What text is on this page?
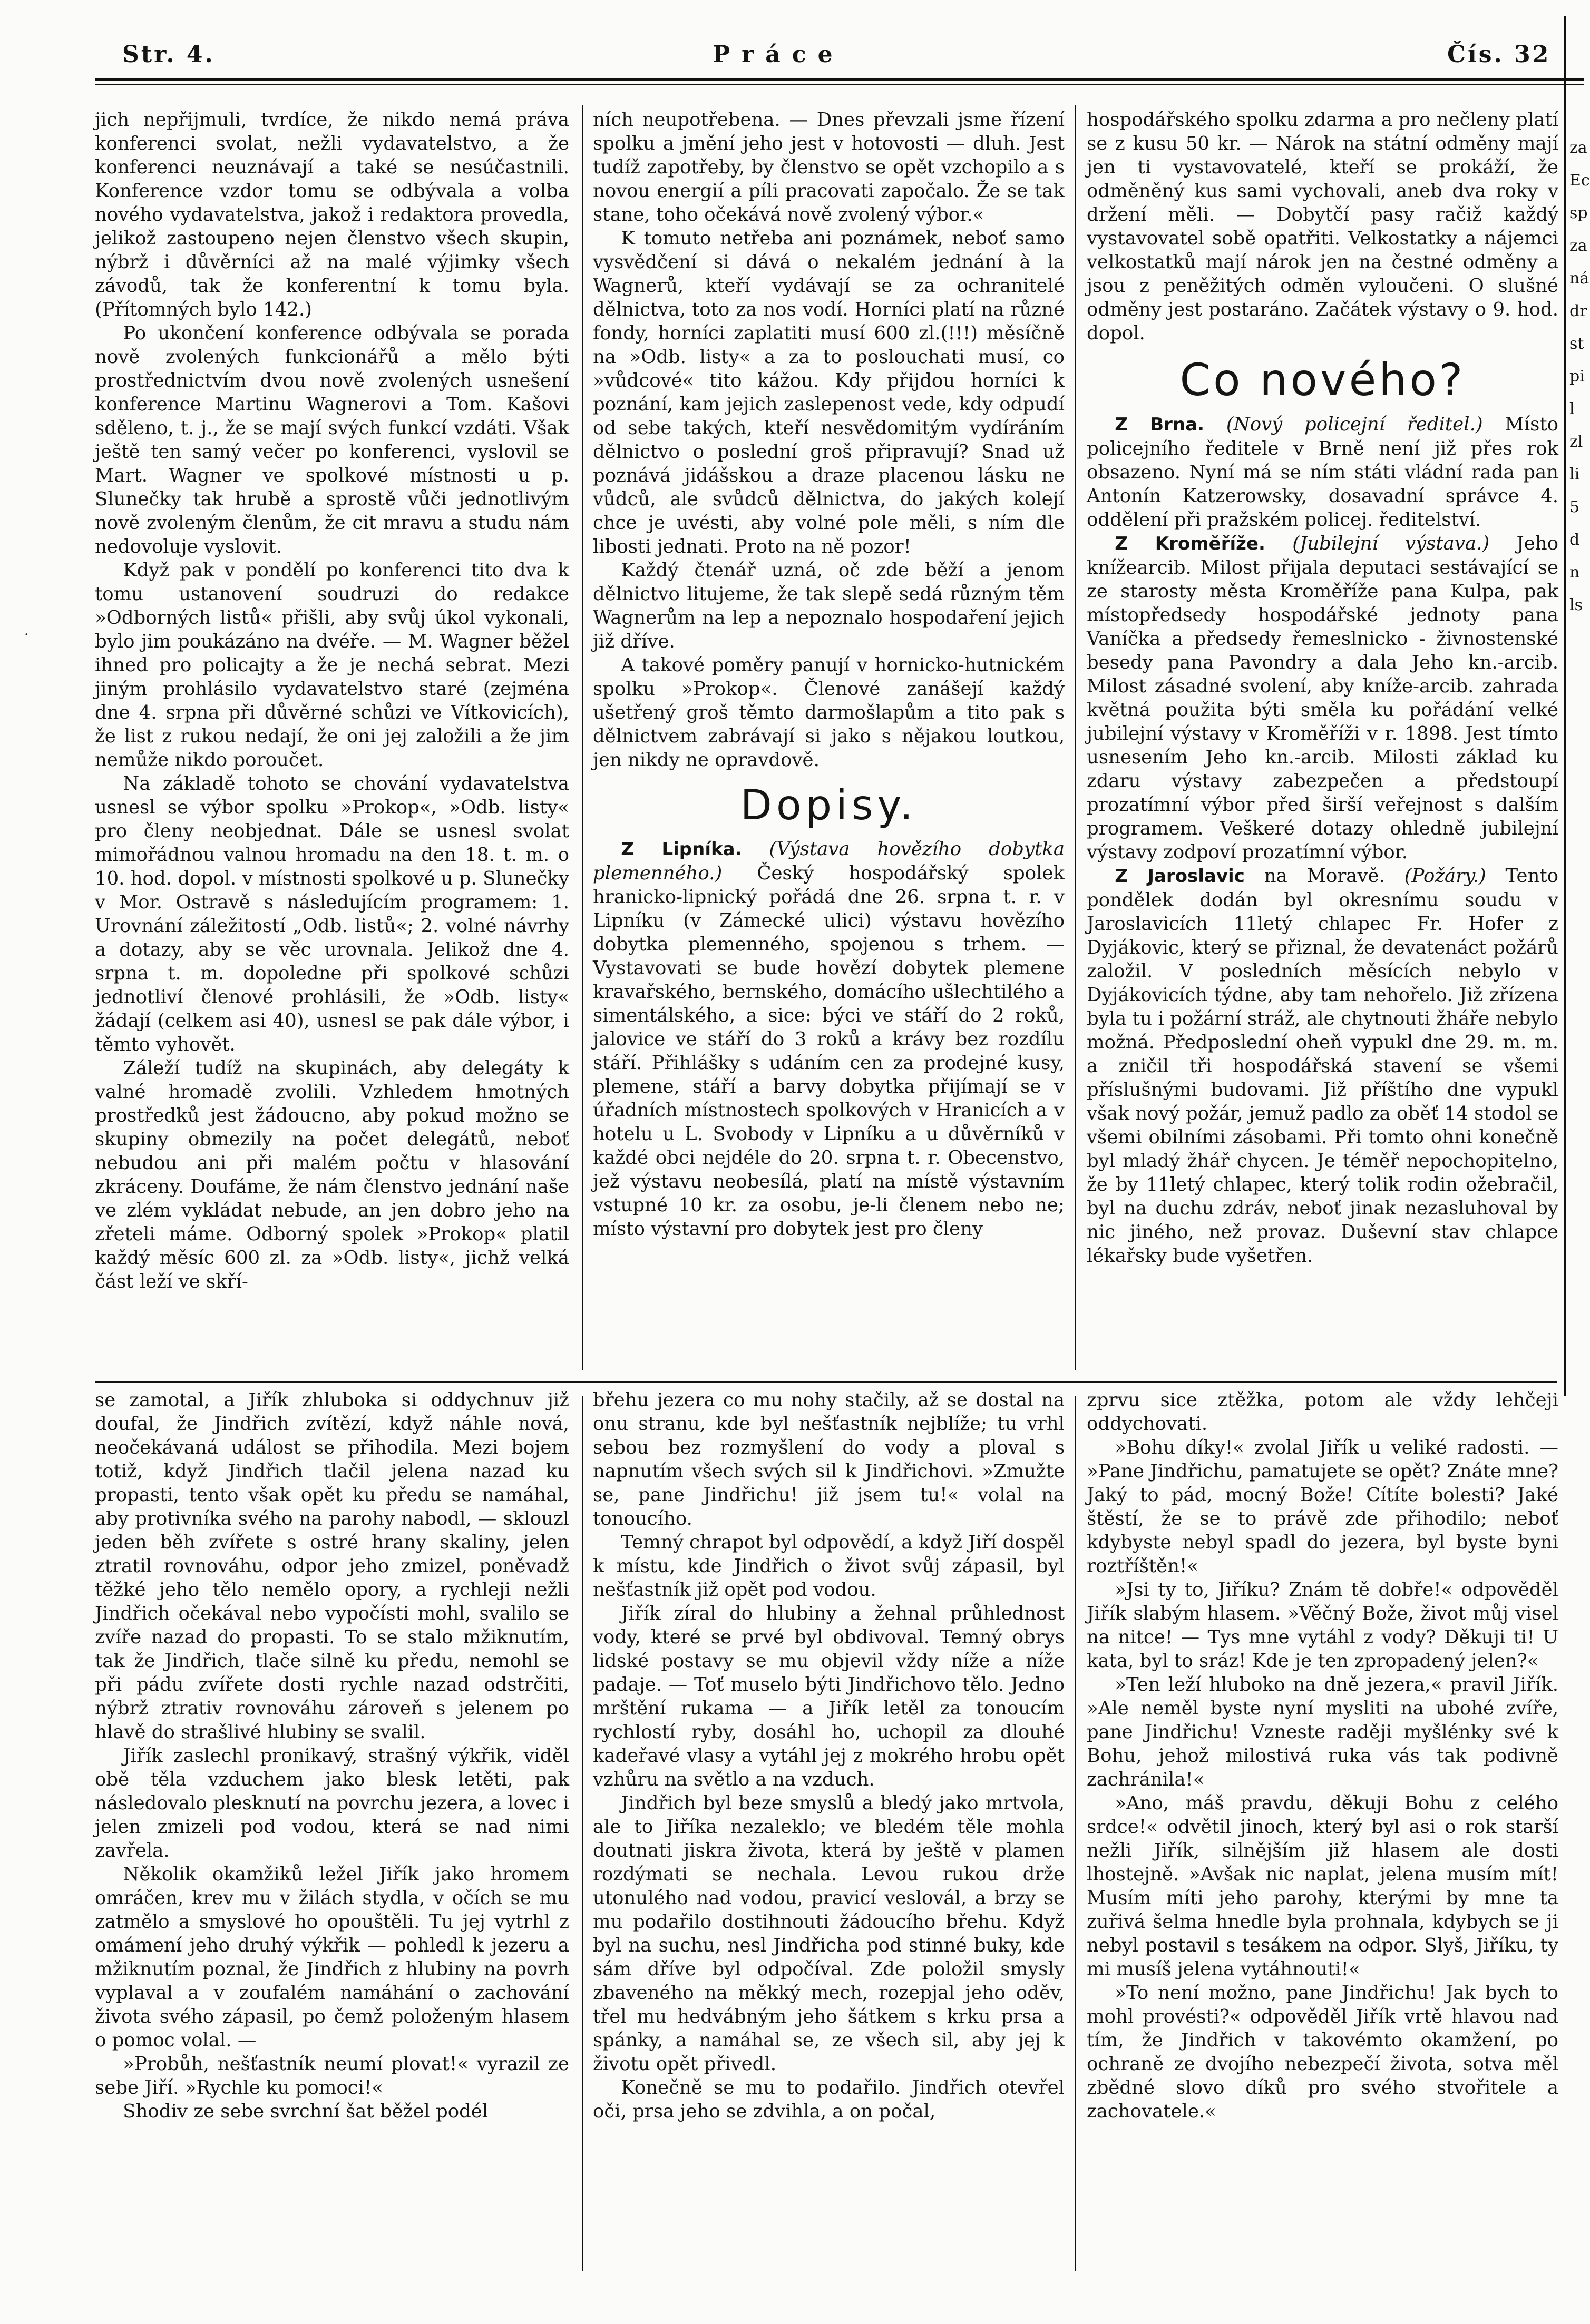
Str. 4.	Práce	Čís. 32
·

jich nepřijmuli, tvrdíce, že nikdo nemá práva konferenci svolat, nežli vydavatelstvo, a že konferenci neuznávají a také se nesúčastnili. Konference vzdor tomu se odbývala a volba nového vydavatelstva, jakož i redaktora provedla, jelikož zastoupeno nejen členstvo všech skupin, nýbrž i důvěrníci až na malé výjimky všech závodů, tak že konferentní k tomu byla. (Přítomných bylo 142.)

Po ukončení konference odbývala se porada nově zvolených funkcionářů a mělo býti prostřednictvím dvou nově zvolených usnešení konference Martinu Wagnerovi a Tom. Kašovi sděleno, t. j., že se mají svých funkcí vzdáti. Však ještě ten samý večer po konferenci, vyslovil se Mart. Wagner ve spolkové místnosti u p. Slunečky tak hrubě a sprostě vůči jednotlivým nově zvoleným členům, že cit mravu a studu nám nedovoluje vyslovit.

Když pak v pondělí po konferenci tito dva k tomu ustanovení soudruzi do redakce »Odborných listů« přišli, aby svůj úkol vykonali, bylo jim poukázáno na dvéře. — M. Wagner běžel ihned pro policajty a že je nechá sebrat. Mezi jiným prohlásilo vydavatelstvo staré (zejména dne 4. srpna při důvěrné schůzi ve Vítkovicích), že list z rukou nedají, že oni jej založili a že jim nemůže nikdo poroučet.

Na základě tohoto se chování vydavatelstva usnesl se výbor spolku »Prokop«, »Odb. listy« pro členy neobjednat. Dále se usnesl svolat mimořádnou valnou hromadu na den 18. t. m. o 10. hod. dopol. v místnosti spolkové u p. Slunečky v Mor. Ostravě s následujícím programem: 1. Urovnání záležitostí „Odb. listů«; 2. volné návrhy a dotazy, aby se věc urovnala. Jelikož dne 4. srpna t. m. dopoledne při spolkové schůzi jednotliví členové prohlásili, že »Odb. listy« žádají (celkem asi 40), usnesl se pak dále výbor, i těmto vyhovět.

Záleží tudíž na skupinách, aby delegáty k valné hromadě zvolili. Vzhledem hmotných prostředků jest žádoucno, aby pokud možno se skupiny obmezily na počet delegátů, neboť nebudou ani při malém počtu v hlasování zkráceny. Doufáme, že nám členstvo jednání naše ve zlém vykládat nebude, an jen dobro jeho na zřeteli máme. Odborný spolek »Prokop« platil každý měsíc 600 zl. za »Odb. listy«, jichž velká část leží ve skří-

ních neupotřebena. — Dnes převzali jsme řízení spolku a jmění jeho jest v hotovosti — dluh. Jest tudíž zapotřeby, by členstvo se opět vzchopilo a s novou energií a píli pracovati započalo. Že se tak stane, toho očekává nově zvolený výbor.«

K tomuto netřeba ani poznámek, neboť samo vysvědčení si dává o nekalém jednání à la Wagnerů, kteří vydávají se za ochranitelé dělnictva, toto za nos vodí. Horníci platí na různé fondy, horníci zaplatiti musí 600 zl.(!!!) měsíčně na »Odb. listy« a za to poslouchati musí, co »vůdcové« tito kážou. Kdy přijdou horníci k poznání, kam jejich zaslepenost vede, kdy odpudí od sebe takých, kteří nesvědomitým vydíráním dělnictvo o poslední groš připravují? Snad už poznává jidášskou a draze placenou lásku ne vůdců, ale svůdců dělnictva, do jakých kolejí chce je uvésti, aby volné pole měli, s ním dle libosti jednati. Proto na ně pozor!

Každý čtenář uzná, oč zde běží a jenom dělnictvo litujeme, že tak slepě sedá různým těm Wagnerům na lep a nepoznalo hospodaření jejich již dříve.

A takové poměry panují v hornicko-hutnickém spolku »Prokop«. Členové zanášejí každý ušetřený groš těmto darmošlapům a tito pak s dělnictvem zabrávají si jako s nějakou loutkou, jen nikdy ne opravdově.

Dopisy.

Z Lipníka. (Výstava hovězího dobytka plemenného.) Český hospodářský spolek hranicko-lipnický pořádá dne 26. srpna t. r. v Lipníku (v Zámecké ulici) výstavu hovězího dobytka plemenného, spojenou s trhem. — Vystavovati se bude hovězí dobytek plemene kravařského, bernského, domácího ušlechtilého a simentálského, a sice: býci ve stáří do 2 roků, jalovice ve stáří do 3 roků a krávy bez rozdílu stáří. Přihlášky s udáním cen za prodejné kusy, plemene, stáří a barvy dobytka přijímají se v úřadních místnostech spolkových v Hranicích a v hotelu u L. Svobody v Lipníku a u důvěrníků v každé obci nejdéle do 20. srpna t. r. Obecenstvo, jež výstavu neobesílá, platí na místě výstavním vstupné 10 kr. za osobu, je-li členem nebo ne; místo výstavní pro dobytek jest pro členy

hospodářského spolku zdarma a pro nečleny platí se z kusu 50 kr. — Nárok na státní odměny mají jen ti vystavovatelé, kteří se prokáží, že odměněný kus sami vychovali, aneb dva roky v držení měli. — Dobytčí pasy račiž každý vystavovatel sobě opatřiti. Velkostatky a nájemci velkostatků mají nárok jen na čestné odměny a jsou z peněžitých odměn vyloučeni. O slušné odměny jest postaráno. Začátek výstavy o 9. hod. dopol.

Co nového?

Z Brna. (Nový policejní ředitel.) Místo policejního ředitele v Brně není již přes rok obsazeno. Nyní má se ním státi vládní rada pan Antonín Katzerowsky, dosavadní správce 4. oddělení při pražském policej. ředitelství.

Z Kroměříže. (Jubilejní výstava.) Jeho knížearcib. Milost přijala deputaci sestávající se ze starosty města Kroměříže pana Kulpa, pak místopředsedy hospodářské jednoty pana Vaníčka a předsedy řemeslnicko - živnostenské besedy pana Pavondry a dala Jeho kn.-arcib. Milost zásadné svolení, aby kníže-arcib. zahrada květná použita býti směla ku pořádání velké jubilejní výstavy v Kroměříži v r. 1898. Jest tímto usnesením Jeho kn.-arcib. Milosti základ ku zdaru výstavy zabezpečen a předstoupí prozatímní výbor před širší veřejnost s dalším programem. Veškeré dotazy ohledně jubilejní výstavy zodpoví prozatímní výbor.

Z Jaroslavic na Moravě. (Požáry.) Tento pondělek dodán byl okresnímu soudu v Jaroslavicích 11letý chlapec Fr. Hofer z Dyjákovic, který se přiznal, že devatenáct požárů založil. V posledních měsících nebylo v Dyjákovicích týdne, aby tam nehořelo. Již zřízena byla tu i požární stráž, ale chytnouti žháře nebylo možná. Předposlední oheň vypukl dne 29. m. m. a zničil tři hospodářská stavení se všemi příslušnými budovami. Již příštího dne vypukl však nový požár, jemuž padlo za oběť 14 stodol se všemi obilními zásobami. Při tomto ohni konečně byl mladý žhář chycen. Je téměř nepochopitelno, že by 11letý chlapec, který tolik rodin ožebračil, byl na duchu zdráv, neboť jinak nezasluhoval by nic jiného, než provaz. Duševní stav chlapce lékařsky bude vyšetřen.

za
Ec
sp
za
ná
dr
st
pi
l
zl
li
5
d
n
ls

se zamotal, a Jiřík zhluboka si oddychnuv již doufal, že Jindřich zvítězí, když náhle nová, neočekávaná událost se přihodila. Mezi bojem totiž, když Jindřich tlačil jelena nazad ku propasti, tento však opět ku předu se namáhal, aby protivníka svého na parohy nabodl, — sklouzl jeden běh zvířete s ostré hrany skaliny, jelen ztratil rovnováhu, odpor jeho zmizel, poněvadž těžké jeho tělo nemělo opory, a rychleji nežli Jindřich očekával nebo vypočísti mohl, svalilo se zvíře nazad do propasti. To se stalo mžiknutím, tak že Jindřich, tlače silně ku předu, nemohl se při pádu zvířete dosti rychle nazad odstrčiti, nýbrž ztrativ rovnováhu zároveň s jelenem po hlavě do strašlivé hlubiny se svalil.

Jiřík zaslechl pronikavý, strašný výkřik, viděl obě těla vzduchem jako blesk letěti, pak následovalo plesknutí na povrchu jezera, a lovec i jelen zmizeli pod vodou, která se nad nimi zavřela.

Několik okamžiků ležel Jiřík jako hromem omráčen, krev mu v žilách stydla, v očích se mu zatmělo a smyslové ho opouštěli. Tu jej vytrhl z omámení jeho druhý výkřik — pohledl k jezeru a mžiknutím poznal, že Jindřich z hlubiny na povrh vyplaval a v zoufalém namáhání o zachování života svého zápasil, po čemž položeným hlasem o pomoc volal. —

»Probůh, nešťastník neumí plovat!« vyrazil ze sebe Jiří. »Rychle ku pomoci!«

Shodiv ze sebe svrchní šat běžel podél

břehu jezera co mu nohy stačily, až se dostal na onu stranu, kde byl nešťastník nejblíže; tu vrhl sebou bez rozmyšlení do vody a ploval s napnutím všech svých sil k Jindřichovi. »Zmužte se, pane Jindřichu! již jsem tu!« volal na tonoucího.

Temný chrapot byl odpovědí, a když Jiří dospěl k místu, kde Jindřich o život svůj zápasil, byl nešťastník již opět pod vodou.

Jiřík zíral do hlubiny a žehnal průhlednost vody, které se prvé byl obdivoval. Temný obrys lidské postavy se mu objevil vždy níže a níže padaje. — Toť muselo býti Jindřichovo tělo. Jedno mrštění rukama — a Jiřík letěl za tonoucím rychlostí ryby, dosáhl ho, uchopil za dlouhé kadeřavé vlasy a vytáhl jej z mokrého hrobu opět vzhůru na světlo a na vzduch.

Jindřich byl beze smyslů a bledý jako mrtvola, ale to Jiříka nezaleklo; ve bledém těle mohla doutnati jiskra života, která by ještě v plamen rozdýmati se nechala. Levou rukou drže utonulého nad vodou, pravicí veslovál, a brzy se mu podařilo dostihnouti žádoucího břehu. Když byl na suchu, nesl Jindřicha pod stinné buky, kde sám dříve byl odpočíval. Zde položil smysly zbaveného na měkký mech, rozepjal jeho oděv, třel mu hedvábným jeho šátkem s krku prsa a spánky, a namáhal se, ze všech sil, aby jej k životu opět přivedl.

Konečně se mu to podařilo. Jindřich otevřel oči, prsa jeho se zdvihla, a on počal,

zprvu sice ztěžka, potom ale vždy lehčeji oddychovati.

»Bohu díky!« zvolal Jiřík u veliké radosti. — »Pane Jindřichu, pamatujete se opět? Znáte mne? Jaký to pád, mocný Bože! Cítíte bolesti? Jaké štěstí, že se to právě zde přihodilo; neboť kdybyste nebyl spadl do jezera, byl byste byni roztříštěn!«

»Jsi ty to, Jiříku? Znám tě dobře!« odpověděl Jiřík slabým hlasem. »Věčný Bože, život můj visel na nitce! — Tys mne vytáhl z vody? Děkuji ti! U kata, byl to sráz! Kde je ten zpropadený jelen?«

»Ten leží hluboko na dně jezera,« pravil Jiřík. »Ale neměl byste nyní mysliti na ubohé zvíře, pane Jindřichu! Vzneste raději myšlénky své k Bohu, jehož milostivá ruka vás tak podivně zachránila!«

»Ano, máš pravdu, děkuji Bohu z celého srdce!« odvětil jinoch, který byl asi o rok starší nežli Jiřík, silnějším již hlasem ale dosti lhostejně. »Avšak nic naplat, jelena musím mít! Musím míti jeho parohy, kterými by mne ta zuřivá šelma hnedle byla prohnala, kdybych se ji nebyl postavil s tesákem na odpor. Slyš, Jiříku, ty mi musíš jelena vytáhnouti!«

»To není možno, pane Jindřichu! Jak bych to mohl provésti?« odpověděl Jiřík vrtě hlavou nad tím, že Jindřich v takovémto okamžení, po ochraně ze dvojího nebezpečí života, sotva měl zbědné slovo díků pro svého stvořitele a zachovatele.«
